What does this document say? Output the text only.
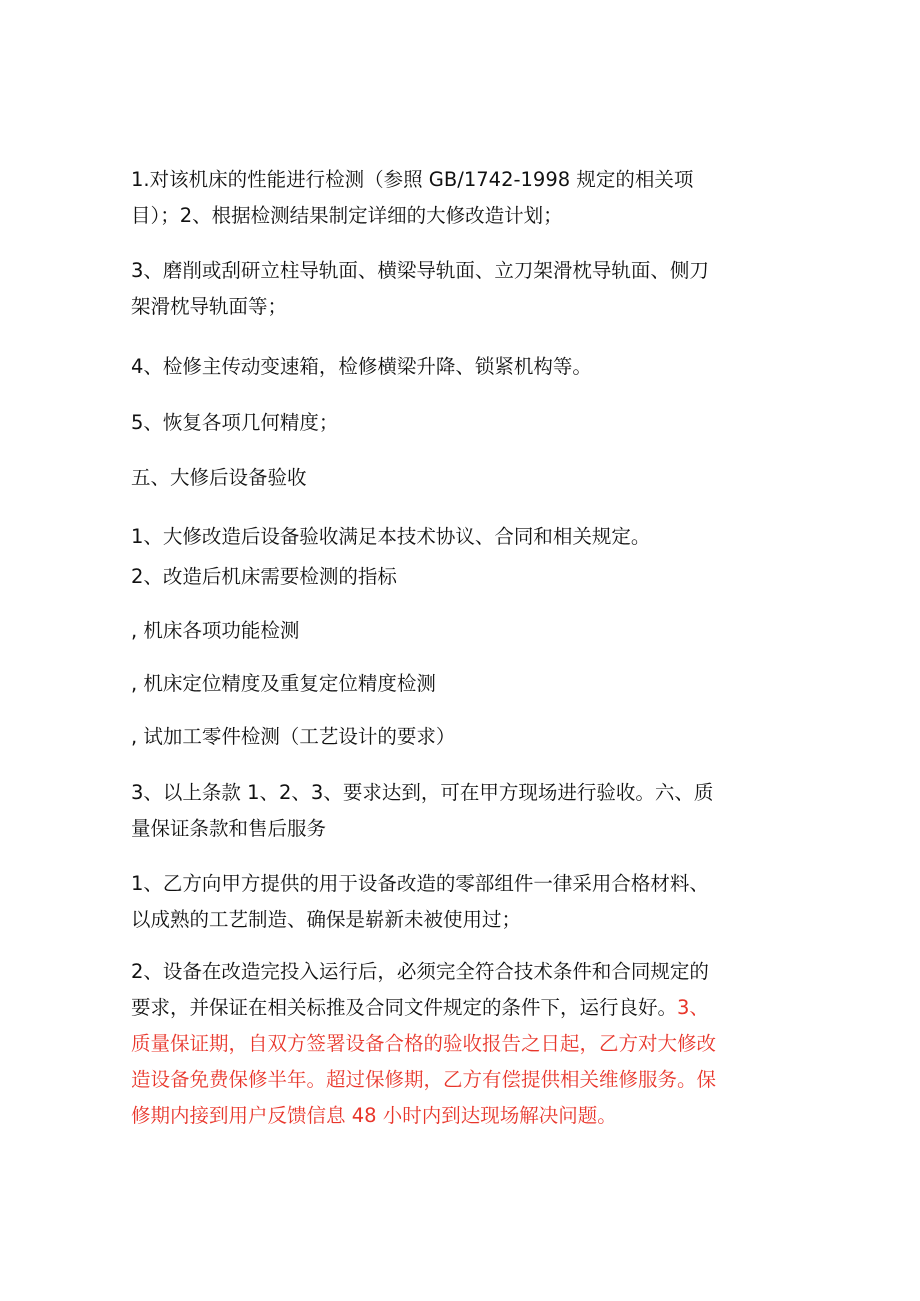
1.对该机床的性能进行检测（参照 GB/1742-1998 规定的相关项
目）；2、根据检测结果制定详细的大修改造计划；
3、磨削或刮研立柱导轨面、横梁导轨面、立刀架滑枕导轨面、侧刀
架滑枕导轨面等；
4、检修主传动变速箱，检修横梁升降、锁紧机构等。
5、恢复各项几何精度；
五、大修后设备验收
1、大修改造后设备验收满足本技术协议、合同和相关规定。
2、改造后机床需要检测的指标
, 机床各项功能检测
, 机床定位精度及重复定位精度检测
, 试加工零件检测（工艺设计的要求）
3、以上条款 1、2、3、要求达到，可在甲方现场进行验收。六、质
量保证条款和售后服务
1、乙方向甲方提供的用于设备改造的零部组件一律采用合格材料、
以成熟的工艺制造、确保是崭新未被使用过；
2、设备在改造完投入运行后，必须完全符合技术条件和合同规定的
要求，并保证在相关标推及合同文件规定的条件下，运行良好。3、
质量保证期，自双方签署设备合格的验收报告之日起，乙方对大修改
造设备免费保修半年。超过保修期，乙方有偿提供相关维修服务。保
修期内接到用户反馈信息 48 小时内到达现场解决问题。
